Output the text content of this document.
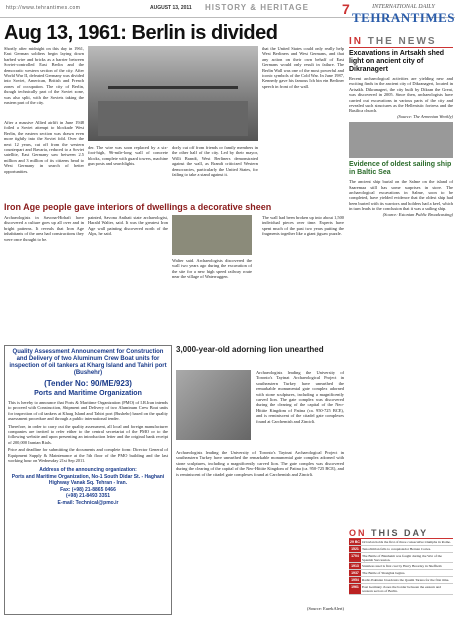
http://www.tehrantimes.com	AUGUST 13, 2011 HISTORY & HERITAGE 7	INTERNATIONAL DAILY
TEHRANTIMES
Aug 13, 1961: Berlin is divided
Shortly after midnight on this day in 1961, East German soldiers begin laying down barbed wire and bricks as a barrier between Soviet-controlled East Berlin and the democratic western section of the city. After World War II, defeated Germany was divided into Soviet, American, British and French zones of occupation. The city of Berlin, though technically part of the Soviet zone, was also split, with the Soviets taking the eastern part of the city.
After a massive Allied airlift in June 1948 foiled a Soviet attempt to blockade West Berlin, the eastern section was drawn even more tightly into the Soviet fold. Over the next 12 years, cut off from the western counterpart and Bavaria, reduced to a Soviet satellite, East Germany saw between 2.5 million and 3 million of its citizens head to West Germany in search of better opportunities.
der. The wire was soon replaced by a six-foot-high, 96-mile-long wall of concrete blocks, complete with guard towers, machine gun posts and searchlights.
dorly cut off from friends or family members in the other half of the city. Led by their mayor, Willi Brandt, West Berliners demonstrated against the wall, as Brandt criticized Western democracies, particularly the United States, for failing to take a stand against it.
that the United States could only really help West Berliners and West Germans, and that any action on their own behalf of East Germans would only result in failure. The Berlin Wall was one of the most powerful and iconic symbols of the Cold War. In June 1987, Kennedy gave his famous Ich bin ein Berliner speech in front of the wall.
Iron Age people gave interiors of dwellings a decorative sheen
Archaeologists in Savona-Hirhafi have discovered a culture goes up all over and in bright patterns. It reveals that Iron Age inhabitants of the area had constructions they were once thought to be.
painted, Savona Anihati state archaeologist, Harald Walter, said. It was the greatest Iron Age wall painting discovered north of the Alps, he said.
Walter said. Archaeologists discovered the wall two years ago during the excavation of the site for a new high speed railway route near the village of Waterruggen.
The wall had been broken up into about 1,500 individual pieces over time. Experts have spent much of the past two years putting the fragments together like a giant jigsaw puzzle.
Quality Assessment Announcement for Construction and Delivery of two Aluminum Crew Boat units for inspection of oil tankers at Kharg Island and Tahiri port (Bushehr)
(Tender No: 90/ME/923)
Ports and Maritime Organization

This is hereby to announce that Ports & Maritime Organization (PMO) of I.R.Iran intends to proceed with Construction, Shipment and Delivery of two Aluminum Crew Boat units for inspection of oil tankers at Kharg Island and Tahiri port (Bushehr) based on the quality assessment procedure and through a public international tender.

Therefore, in order to carry out the quality assessment, all local and foreign manufacturer companies are invited to refer either to the central secretariat of the PMO or to the following website and upon presenting an introduction letter and the original bank receipt of 200,000 Iranian Rials.

Price and deadline for submitting the documents and complete form: Director General of Equipment Supply & Maintenance at the 5th floor of the PMO building and the last working hour on Wednesday 21st Sep 2011.

Address of the announcing organization:
Ports and Maritime Organization, No-1 South Didar St. - Haghani Highway Vanak Sq. Tehran - Iran.
Fax: (+98) 21-8865 0466
(+98) 21-8493 3351
E-mail: Technical@pmo.ir
3,000-year-old adorning lion unearthed
Archaeologists leading the University of Toronto's Tayinat Archaeological Project in southeastern Turkey have unearthed the remarkable monumental gate complex adorned with stone sculptures, including a magnificently carved lion. The gate complex was discovered during the clearing of the capital of the Neo-Hittite Kingdom of Patina (ca. 950-725 BCE), and is reminiscent of the citadel gate complexes found at Carchemish and Zincirli.
Archaeologists leading the University of Toronto's Tayinat Archaeological Project in southeastern Turkey have unearthed the remarkable monumental gate complex adorned with stone sculptures, including a magnificently carved lion. The gate complex was discovered during the clearing of the capital of the Neo-Hittite Kingdom of Patina (ca. 950-725 BCE), and is reminiscent of the citadel gate complexes found at Carchemish and Zincirli.
(Source: EurekAlert)
IN THE NEWS
Excavations in Artsakh shed light on ancient city of Dikranagert
Recent archaeological activities are yielding new and exciting finds in the ancient city of Dikranagert, located in Artsakh. Dikranagert, the city built by Dikran the Great, was discovered in 2005. Since then, archaeologists have carried out excavations in various parts of the city and revealed such structures as the Hellenistic fortress and the Basilica church.
(Source: The Armenian Weekly)
Evidence of oldest sailing ship in Baltic Sea
The ancient ship burial on the Salme on the island of Saaremaa still has some surprises in store. The archaeological excavations in Salme, soon to be completed, have yielded evidence that the oldest ship had been buried with its warriors and holders had a keel, which in turn leads to the conclusion that it was a sailing ship.
(Source: Estonian Public Broadcasting)
ON THIS DAY
29 BC Octavian holds the first of three consecutive triumphs in Rome.
1521 Tenochtitlan falls to conquistador Hernan Cortes.
1704 The Battle of Blenheim was fought during the War of the Spanish Succession.
1913 Stainless steel is first cast by Harry Brearley in Sheffield.
1937 The Battle of Shanghai begins.
1954 Radio Pakistan broadcasts the Qaumi Tarana for the first time.
1961 East Germany closes the border between the eastern and western sectors of Berlin.
